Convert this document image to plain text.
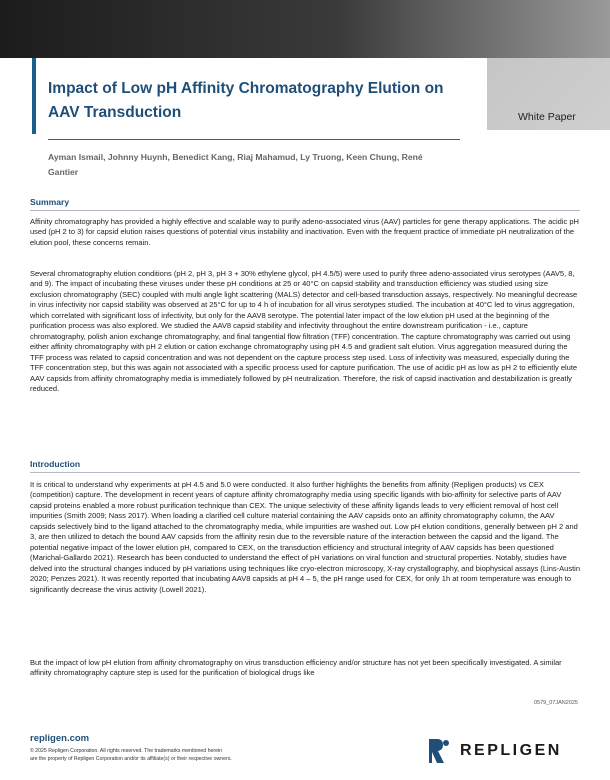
Impact of Low pH Affinity Chromatography Elution on AAV Transduction	White Paper
Ayman Ismail, Johnny Huynh, Benedict Kang, Riaj Mahamud, Ly Truong, Keen Chung, René Gantier
Summary
Affinity chromatography has provided a highly effective and scalable way to purify adeno-associated virus (AAV) particles for gene therapy applications. The acidic pH used (pH 2 to 3) for capsid elution raises questions of potential virus instability and inactivation. Even with the frequent practice of immediate pH neutralization of the elution pool, these concerns remain.
Several chromatography elution conditions (pH 2, pH 3, pH 3 + 30% ethylene glycol, pH 4.5/5) were used to purify three adeno-associated virus serotypes (AAV5, 8, and 9). The impact of incubating these viruses under these pH conditions at 25 or 40°C on capsid stability and transduction efficiency was studied using size exclusion chromatography (SEC) coupled with multi angle light scattering (MALS) detector and cell-based transduction assays, respectively. No meaningful decrease in virus infectivity nor capsid stability was observed at 25°C for up to 4 h of incubation for all virus serotypes studied. The incubation at 40°C led to virus aggregation, which correlated with significant loss of infectivity, but only for the AAV8 serotype. The potential later impact of the low elution pH used at the beginning of the purification process was also explored. We studied the AAV8 capsid stability and infectivity throughout the entire downstream purification - i.e., capture chromatography, polish anion exchange chromatography, and final tangential flow filtration (TFF) concentration. The capture chromatography was carried out using either affinity chromatography with pH 2 elution or cation exchange chromatography using pH 4.5 and gradient salt elution. Virus aggregation measured during the TFF process was related to capsid concentration and was not dependent on the capture process step used. Loss of infectivity was measured, especially during the TFF concentration step, but this was again not associated with a specific process used for capture purification. The use of acidic pH as low as pH 2 to efficiently elute AAV capsids from affinity chromatography media is immediately followed by pH neutralization. Therefore, the risk of capsid inactivation and destabilization is greatly reduced.
Introduction
It is critical to understand why experiments at pH 4.5 and 5.0 were conducted. It also further highlights the benefits from affinity (Repligen products) vs CEX (competition) capture. The development in recent years of capture affinity chromatography media using specific ligands with bio-affinity for selective parts of AAV capsid proteins enabled a more robust purification technique than CEX. The unique selectivity of these affinity ligands leads to very efficient removal of host cell impurities (Smith 2009; Nass 2017). When loading a clarified cell culture material containing the AAV capsids onto an affinity chromatography column, the AAV capsids selectively bind to the ligand attached to the chromatography media, while impurities are washed out. Low pH elution conditions, generally between pH 2 and 3, are then utilized to detach the bound AAV capsids from the affinity resin due to the reversible nature of the interaction between the capsid and the ligand. The potential negative impact of the lower elution pH, compared to CEX, on the transduction efficiency and structural integrity of AAV capsids has been questioned (Marichal-Gallardo 2021). Research has been conducted to understand the effect of pH variations on viral function and structural properties. Notably, studies have delved into the structural changes induced by pH variations using techniques like cryo-electron microscopy, X-ray crystallography, and biophysical assays (Lins-Austin 2020; Penzes 2021). It was recently reported that incubating AAV8 capsids at pH 4 – 5, the pH range used for CEX, for only 1h at room temperature was enough to significantly decrease the virus activity (Lowell 2021).
But the impact of low pH elution from affinity chromatography on virus transduction efficiency and/or structure has not yet been specifically investigated. A similar affinity chromatography capture step is used for the purification of biological drugs like
0579_07JAN2025
repligen.com
© 2025 Repligen Corporation. All rights reserved. The trademarks mentioned herein
are the property of Repligen Corporation and/or its affiliate(s) or their respective owners.	REPLIGEN
